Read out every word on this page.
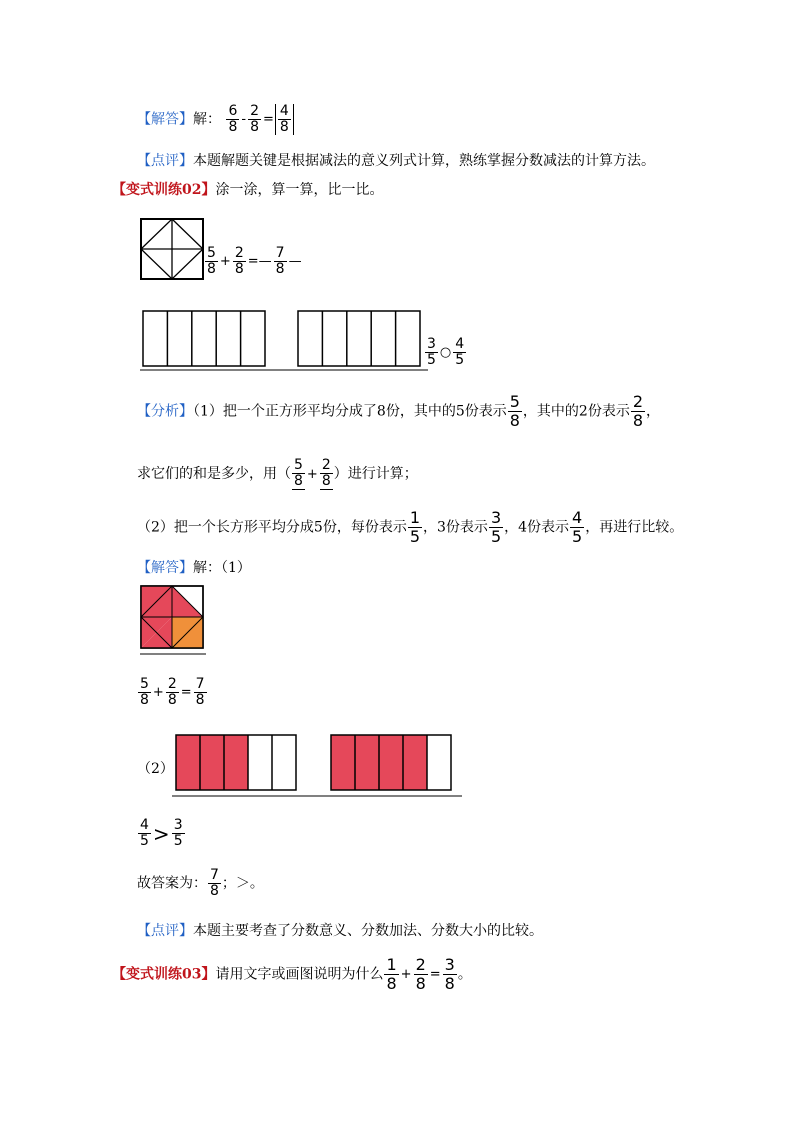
【解答】解： $\frac{6}{8} - \frac{2}{8} = \frac{4}{8}$
【点评】本题解题关键是根据减法的意义列式计算，熟练掌握分数减法的计算方法。
【变式训练02】涂一涂，算一算，比一比。
$\frac{5}{8} + \frac{2}{8}$ =— $\frac{7}{8}$ —
$\frac{3}{5}$ ○ $\frac{4}{5}$
【分析】（1）把一个正方形平均分成了8份，其中的5份表示 $\frac{5}{8}$ ，其中的2份表示 $\frac{2}{8}$ ，
求它们的和是多少，用（ $\frac{5}{8} + \frac{2}{8}$ ）进行计算；
（2）把一个长方形平均分成5份，每份表示 $\frac{1}{5}$ ，3份表示 $\frac{3}{5}$ ，4份表示 $\frac{4}{5}$ ，再进行比较。
【解答】解：（1）
$\frac{5}{8} + \frac{2}{8} = \frac{7}{8}$
（2）
$\frac{4}{5} > \frac{3}{5}$
故答案为： $\frac{7}{8}$ ；＞。
【点评】本题主要考查了分数意义、分数加法、分数大小的比较。
【变式训练03】请用文字或画图说明为什么 $\frac{1}{8} + \frac{2}{8} = \frac{3}{8}$ 。
